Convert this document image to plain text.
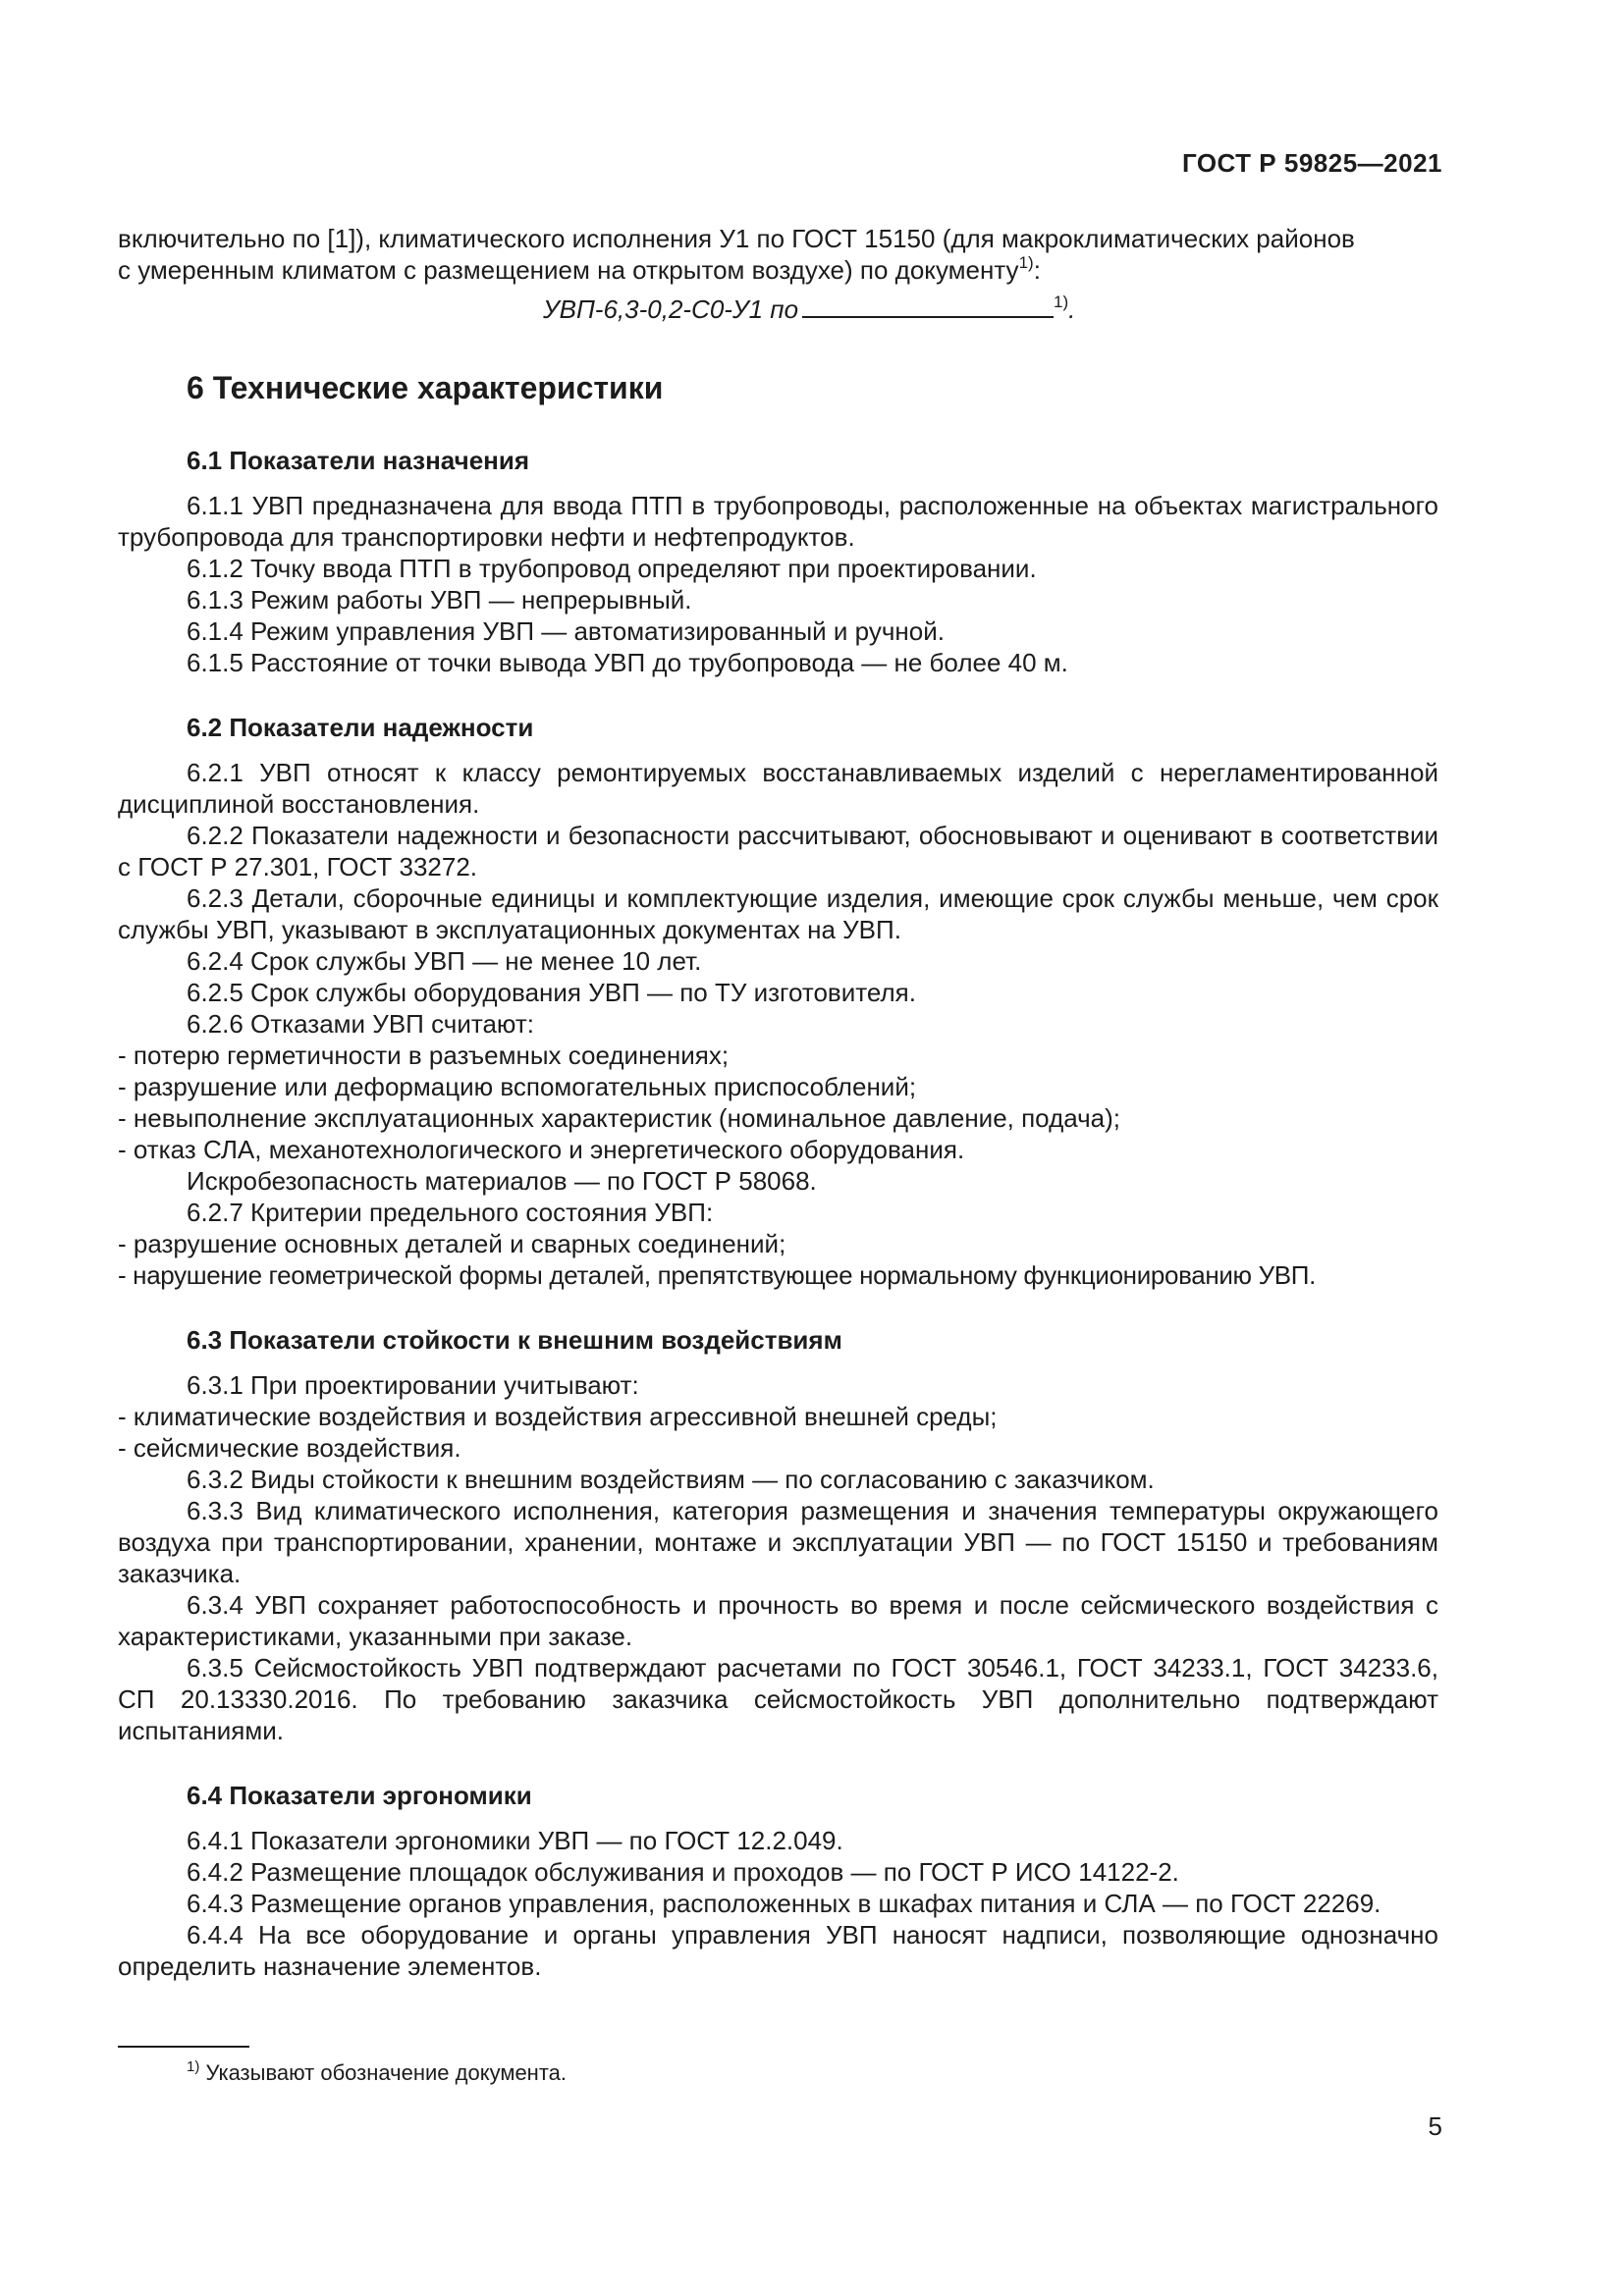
ГОСТ Р 59825—2021

включительно по [1]), климатического исполнения У1 по ГОСТ 15150 (для макроклиматических районов
с умеренным климатом с размещением на открытом воздухе) по документу$^{1)}$:

УВП-6,3-0,2-С0-У1 по	$^{1)}$.

6 Технические характеристики
6.1 Показатели назначения

6.1.1 УВП предназначена для ввода ПТП в трубопроводы, расположенные на объектах магистрального трубопровода для транспортировки нефти и нефтепродуктов.

6.1.2 Точку ввода ПТП в трубопровод определяют при проектировании.

6.1.3 Режим работы УВП — непрерывный.

6.1.4 Режим управления УВП — автоматизированный и ручной.

6.1.5 Расстояние от точки вывода УВП до трубопровода — не более 40 м.

6.2 Показатели надежности

6.2.1 УВП относят к классу ремонтируемых восстанавливаемых изделий с нерегламентированной дисциплиной восстановления.

6.2.2 Показатели надежности и безопасности рассчитывают, обосновывают и оценивают в соответствии с ГОСТ Р 27.301, ГОСТ 33272.

6.2.3 Детали, сборочные единицы и комплектующие изделия, имеющие срок службы меньше, чем срок службы УВП, указывают в эксплуатационных документах на УВП.

6.2.4 Срок службы УВП — не менее 10 лет.

6.2.5 Срок службы оборудования УВП — по ТУ изготовителя.

6.2.6 Отказами УВП считают:

- потерю герметичности в разъемных соединениях;

- разрушение или деформацию вспомогательных приспособлений;

- невыполнение эксплуатационных характеристик (номинальное давление, подача);

- отказ СЛА, механотехнологического и энергетического оборудования.

Искробезопасность материалов — по ГОСТ Р 58068.

6.2.7 Критерии предельного состояния УВП:

- разрушение основных деталей и сварных соединений;

- нарушение геометрической формы деталей, препятствующее нормальному функционированию УВП.

6.3 Показатели стойкости к внешним воздействиям

6.3.1 При проектировании учитывают:

- климатические воздействия и воздействия агрессивной внешней среды;

- сейсмические воздействия.

6.3.2 Виды стойкости к внешним воздействиям — по согласованию с заказчиком.

6.3.3 Вид климатического исполнения, категория размещения и значения температуры окружающего воздуха при транспортировании, хранении, монтаже и эксплуатации УВП — по ГОСТ 15150 и требованиям заказчика.

6.3.4 УВП сохраняет работоспособность и прочность во время и после сейсмического воздействия с характеристиками, указанными при заказе.

6.3.5 Сейсмостойкость УВП подтверждают расчетами по ГОСТ 30546.1, ГОСТ 34233.1, ГОСТ 34233.6, СП 20.13330.2016. По требованию заказчика сейсмостойкость УВП дополнительно подтверждают испытаниями.

6.4 Показатели эргономики

6.4.1 Показатели эргономики УВП — по ГОСТ 12.2.049.

6.4.2 Размещение площадок обслуживания и проходов — по ГОСТ Р ИСО 14122-2.

6.4.3 Размещение органов управления, расположенных в шкафах питания и СЛА — по ГОСТ 22269.

6.4.4 На все оборудование и органы управления УВП наносят надписи, позволяющие однозначно определить назначение элементов.

$^{1)}$ Указывают обозначение документа.
5
